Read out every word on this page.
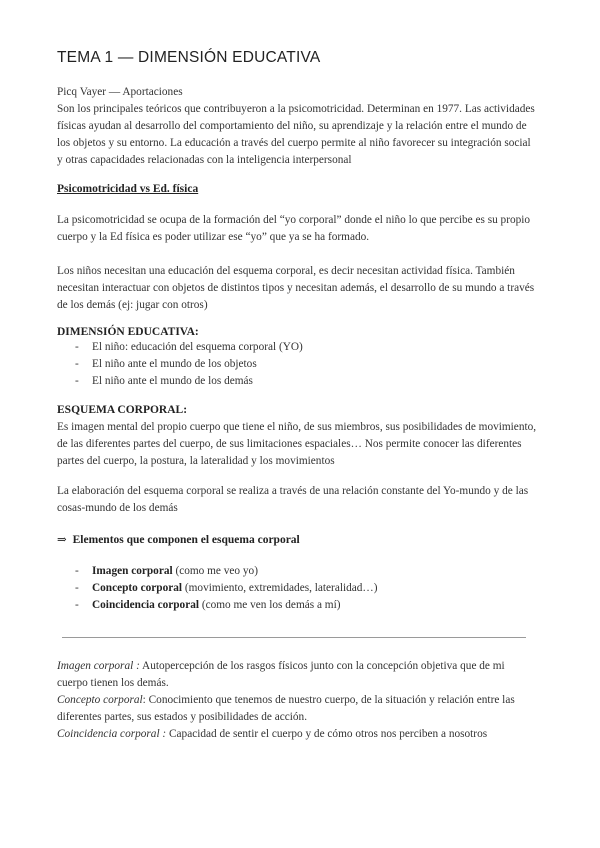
TEMA 1 — DIMENSIÓN EDUCATIVA
Picq Vayer — Aportaciones
Son los principales teóricos que contribuyeron a la psicomotricidad. Determinan en 1977. Las actividades físicas ayudan al desarrollo del comportamiento del niño, su aprendizaje y la relación entre el mundo de los objetos y su entorno. La educación a través del cuerpo permite al niño favorecer su integración social y otras capacidades relacionadas con la inteligencia interpersonal
Psicomotricidad vs Ed. física
La psicomotricidad se ocupa de la formación del “yo corporal” donde el niño lo que percibe es su propio cuerpo y la Ed física es poder utilizar ese “yo” que ya se ha formado.
Los niños necesitan una educación del esquema corporal, es decir necesitan actividad física. También necesitan interactuar con objetos de distintos tipos y necesitan además, el desarrollo de su mundo a través de los demás (ej: jugar con otros)
DIMENSIÓN EDUCATIVA:
- El niño: educación del esquema corporal (YO)
- El niño ante el mundo de los objetos
- El niño ante el mundo de los demás
ESQUEMA CORPORAL:
Es imagen mental del propio cuerpo que tiene el niño, de sus miembros, sus posibilidades de movimiento, de las diferentes partes del cuerpo, de sus limitaciones espaciales… Nos permite conocer las diferentes partes del cuerpo, la postura, la lateralidad y los movimientos
La elaboración del esquema corporal se realiza a través de una relación constante del Yo-mundo y de las cosas-mundo de los demás
⇒ Elementos que componen el esquema corporal
- Imagen corporal (como me veo yo)
- Concepto corporal (movimiento, extremidades, lateralidad…)
- Coincidencia corporal (como me ven los demás a mí)
Imagen corporal : Autopercepción de los rasgos físicos junto con la concepción objetiva que de mi cuerpo tienen los demás.
Concepto corporal: Conocimiento que tenemos de nuestro cuerpo, de la situación y relación entre las diferentes partes, sus estados y posibilidades de acción.
Coincidencia corporal : Capacidad de sentir el cuerpo y de cómo otros nos perciben a nosotros
